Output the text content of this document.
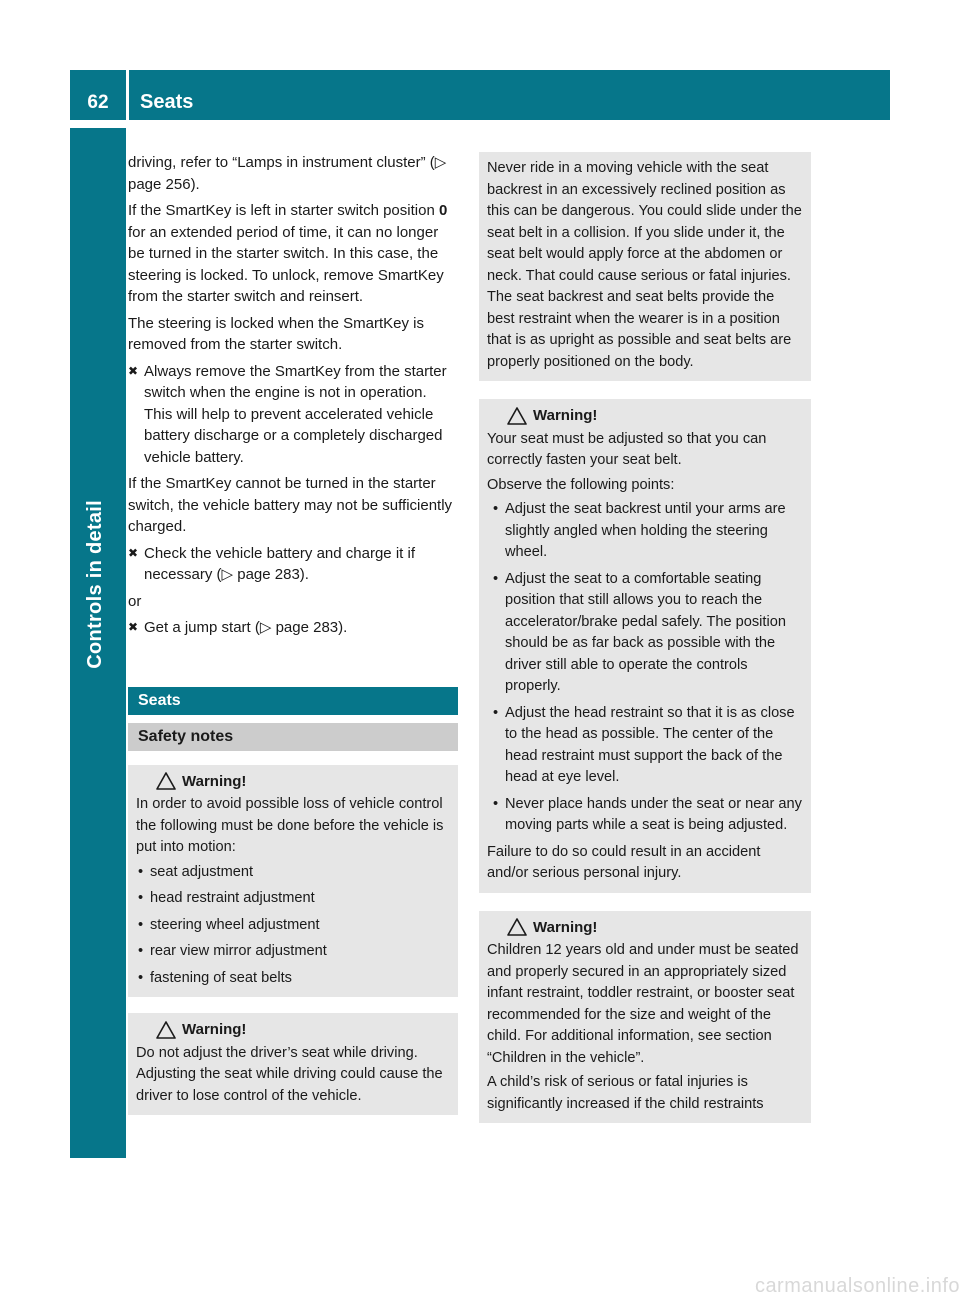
62	Seats
Controls in detail

driving, refer to “Lamps in instrument cluster” (▷ page 256).

If the SmartKey is left in starter switch position 0 for an extended period of time, it can no longer be turned in the starter switch. In this case, the steering is locked. To unlock, remove SmartKey from the starter switch and reinsert.

The steering is locked when the SmartKey is removed from the starter switch.

✖ Always remove the SmartKey from the starter switch when the engine is not in operation.
This will help to prevent accelerated vehicle battery discharge or a completely discharged vehicle battery.

If the SmartKey cannot be turned in the starter switch, the vehicle battery may not be sufficiently charged.

✖ Check the vehicle battery and charge it if necessary (▷ page 283).

or

✖ Get a jump start (▷ page 283).
Seats
Safety notes
Warning!

In order to avoid possible loss of vehicle control the following must be done before the vehicle is put into motion:

• seat adjustment
• head restraint adjustment
• steering wheel adjustment
• rear view mirror adjustment
• fastening of seat belts
Warning!

Do not adjust the driver’s seat while driving. Adjusting the seat while driving could cause the driver to lose control of the vehicle.

Never ride in a moving vehicle with the seat backrest in an excessively reclined position as this can be dangerous. You could slide under the seat belt in a collision. If you slide under it, the seat belt would apply force at the abdomen or neck. That could cause serious or fatal injuries. The seat backrest and seat belts provide the best restraint when the wearer is in a position that is as upright as possible and seat belts are properly positioned on the body.

Warning!

Your seat must be adjusted so that you can correctly fasten your seat belt.

Observe the following points:

• Adjust the seat backrest until your arms are slightly angled when holding the steering wheel.
• Adjust the seat to a comfortable seating position that still allows you to reach the accelerator/brake pedal safely. The position should be as far back as possible with the driver still able to operate the controls properly.
• Adjust the head restraint so that it is as close to the head as possible. The center of the head restraint must support the back of the head at eye level.
• Never place hands under the seat or near any moving parts while a seat is being adjusted.

Failure to do so could result in an accident and/or serious personal injury.

Warning!

Children 12 years old and under must be seated and properly secured in an appropriately sized infant restraint, toddler restraint, or booster seat recommended for the size and weight of the child. For additional information, see section “Children in the vehicle”.

A child’s risk of serious or fatal injuries is significantly increased if the child restraints

carmanualsonline.info
